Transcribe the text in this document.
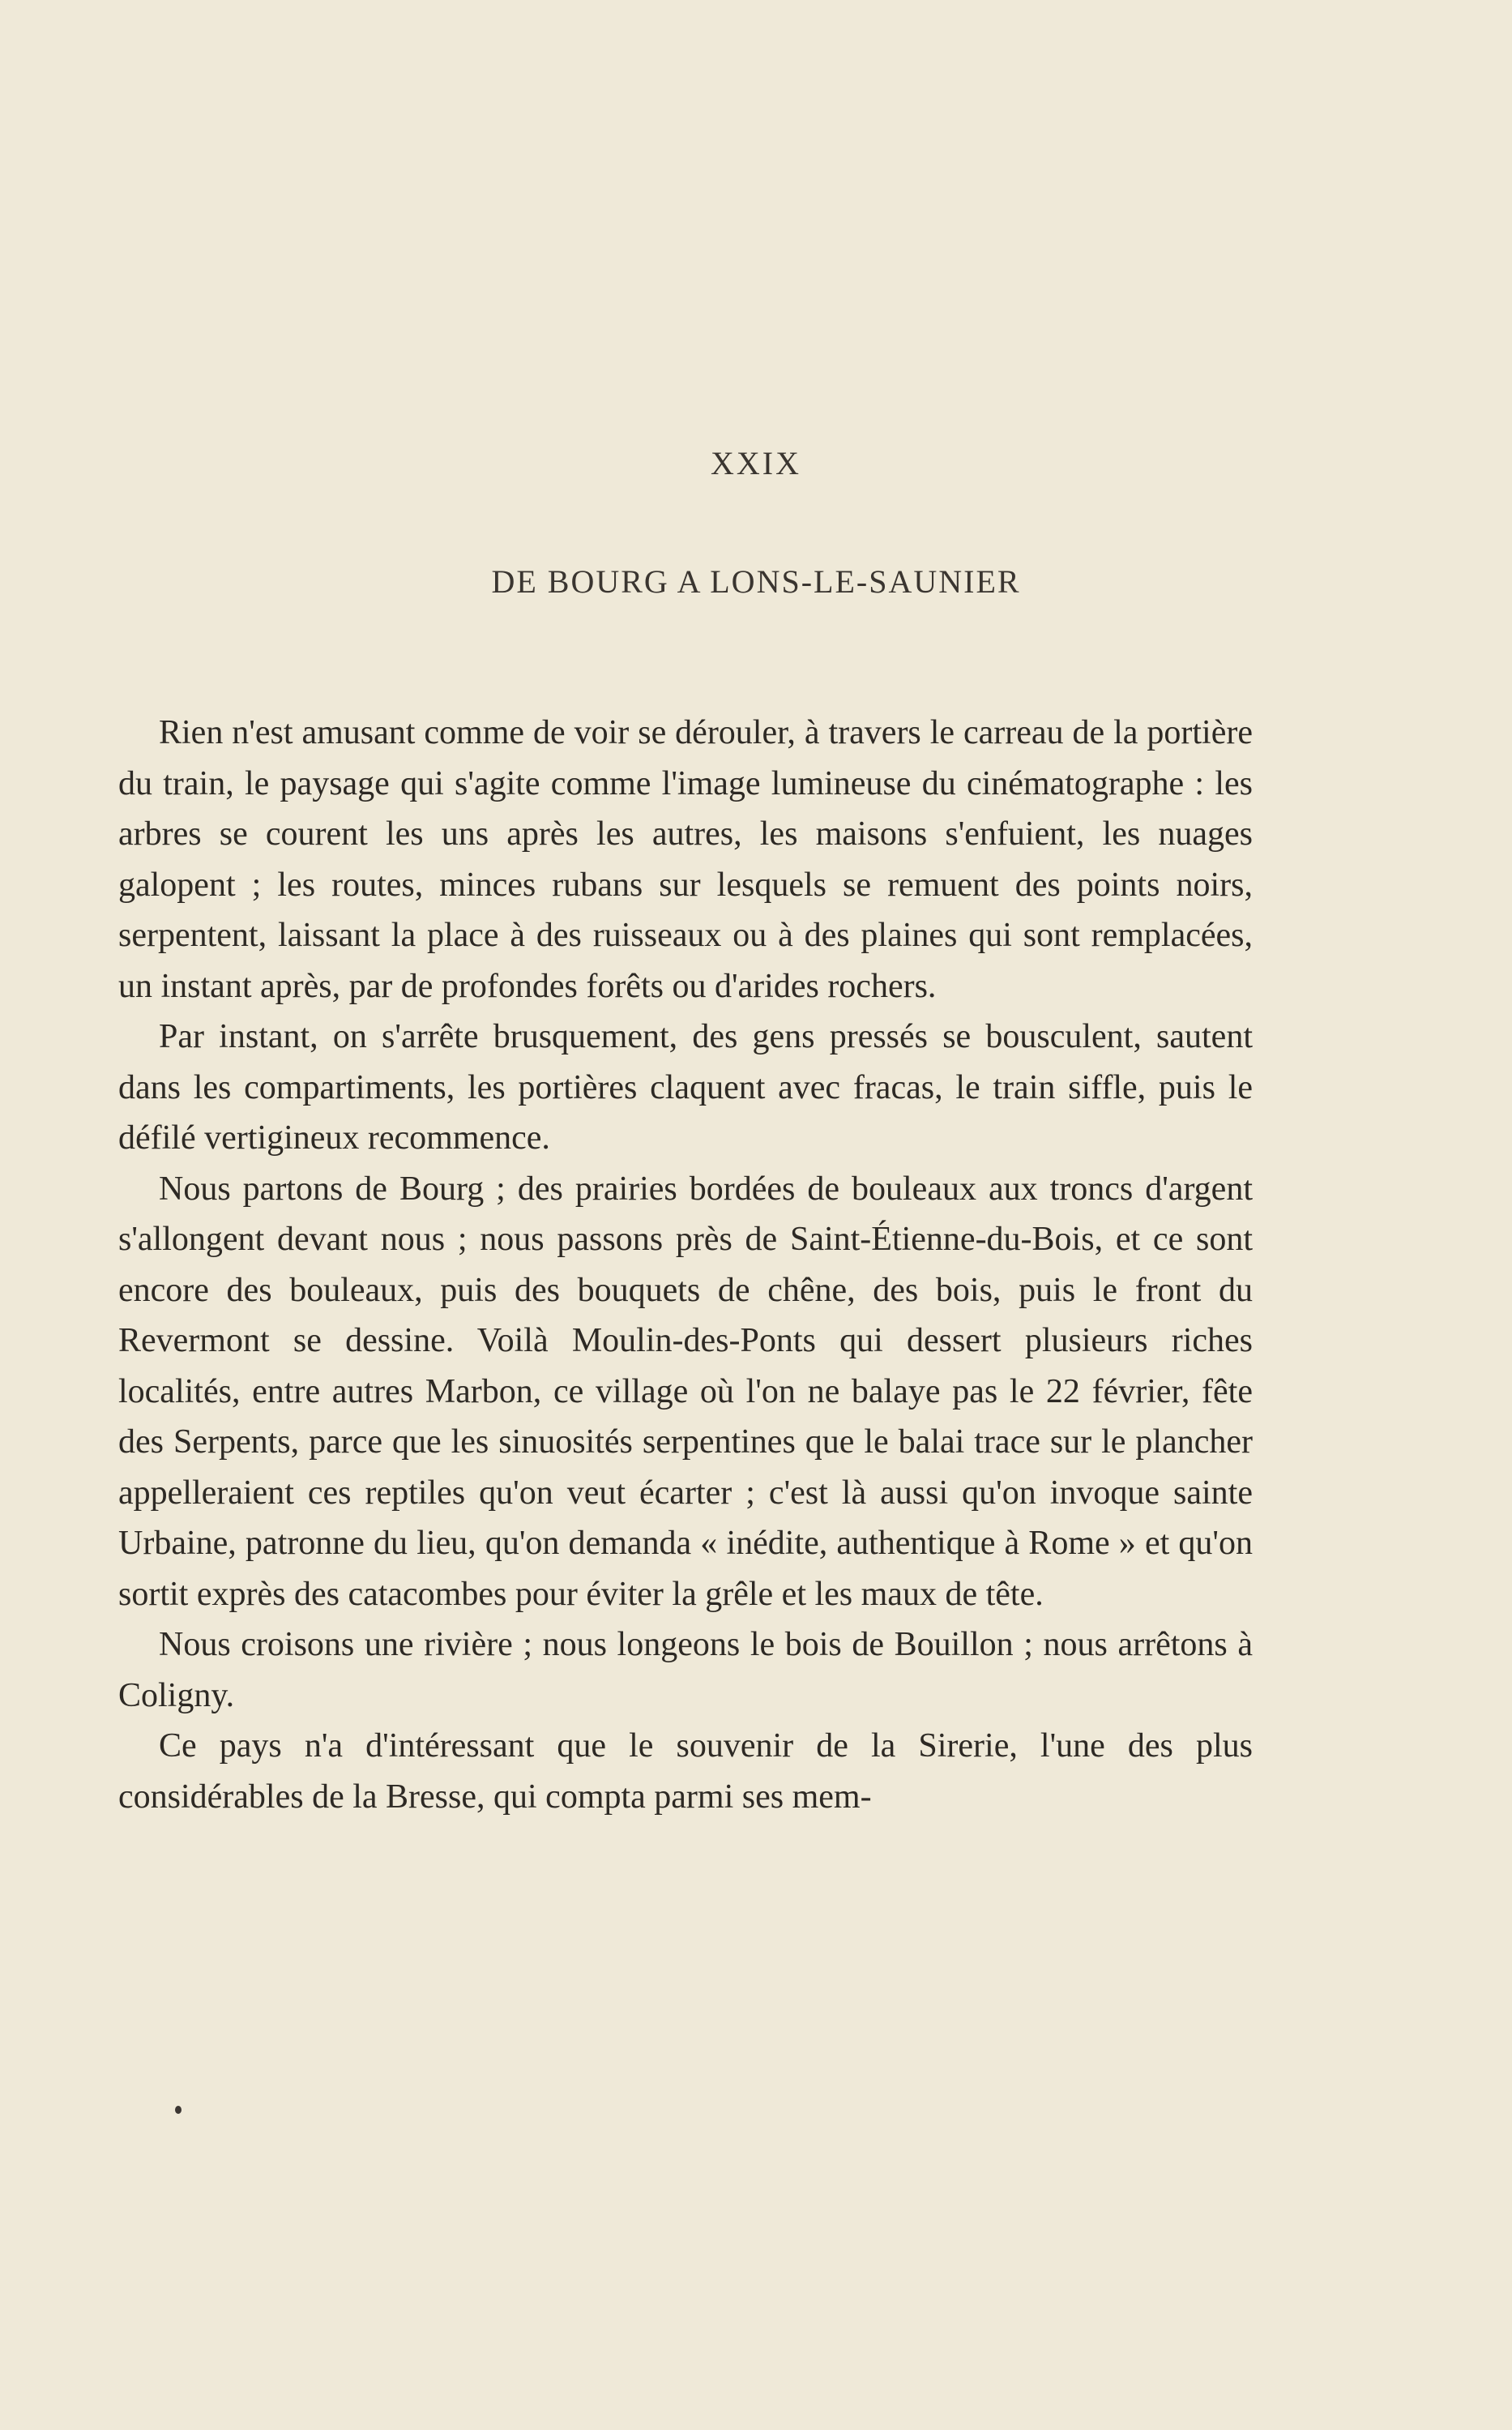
XXIX
DE BOURG A LONS-LE-SAUNIER

Rien n'est amusant comme de voir se dérouler, à travers le carreau de la portière du train, le paysage qui s'agite comme l'image lumineuse du cinématographe : les arbres se courent les uns après les autres, les maisons s'enfuient, les nuages galopent ; les routes, minces rubans sur lesquels se remuent des points noirs, serpentent, laissant la place à des ruisseaux ou à des plaines qui sont remplacées, un instant après, par de profondes forêts ou d'arides rochers.

Par instant, on s'arrête brusquement, des gens pressés se bousculent, sautent dans les compartiments, les portières claquent avec fracas, le train siffle, puis le défilé vertigineux recommence.

Nous partons de Bourg ; des prairies bordées de bouleaux aux troncs d'argent s'allongent devant nous ; nous passons près de Saint-Étienne-du-Bois, et ce sont encore des bouleaux, puis des bouquets de chêne, des bois, puis le front du Revermont se dessine. Voilà Moulin-des-Ponts qui dessert plusieurs riches localités, entre autres Marbon, ce village où l'on ne balaye pas le 22 février, fête des Serpents, parce que les sinuosités serpentines que le balai trace sur le plancher appelleraient ces reptiles qu'on veut écarter ; c'est là aussi qu'on invoque sainte Urbaine, patronne du lieu, qu'on demanda « inédite, authentique à Rome » et qu'on sortit exprès des catacombes pour éviter la grêle et les maux de tête.

Nous croisons une rivière ; nous longeons le bois de Bouillon ; nous arrêtons à Coligny.

Ce pays n'a d'intéressant que le souvenir de la Sirerie, l'une des plus considérables de la Bresse, qui compta parmi ses mem-
